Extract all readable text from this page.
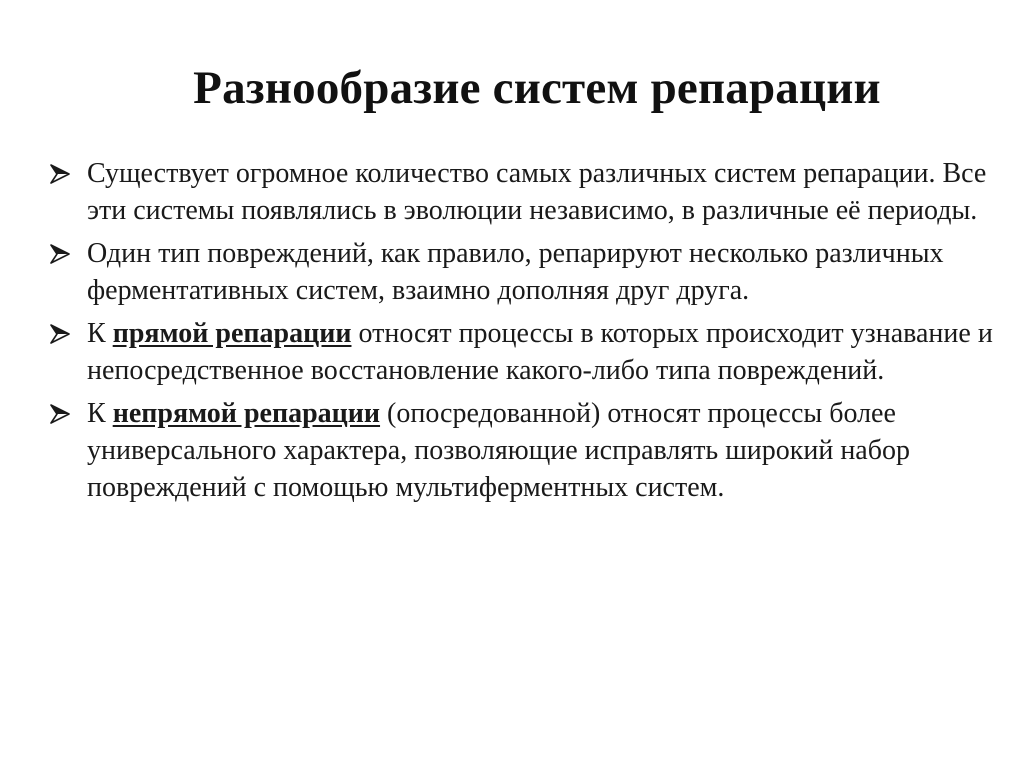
Разнообразие систем репарации
Существует огромное количество самых различных систем репарации. Все эти системы появлялись в эволюции независимо, в различные её периоды.
Один тип повреждений, как правило, репарируют несколько различных ферментативных систем, взаимно дополняя друг друга.
К прямой репарации относят процессы в которых происходит узнавание и непосредственное восстановление какого-либо типа повреждений.
К непрямой репарации (опосредованной) относят процессы более универсального характера, позволяющие исправлять широкий набор повреждений с помощью мультиферментных систем.
